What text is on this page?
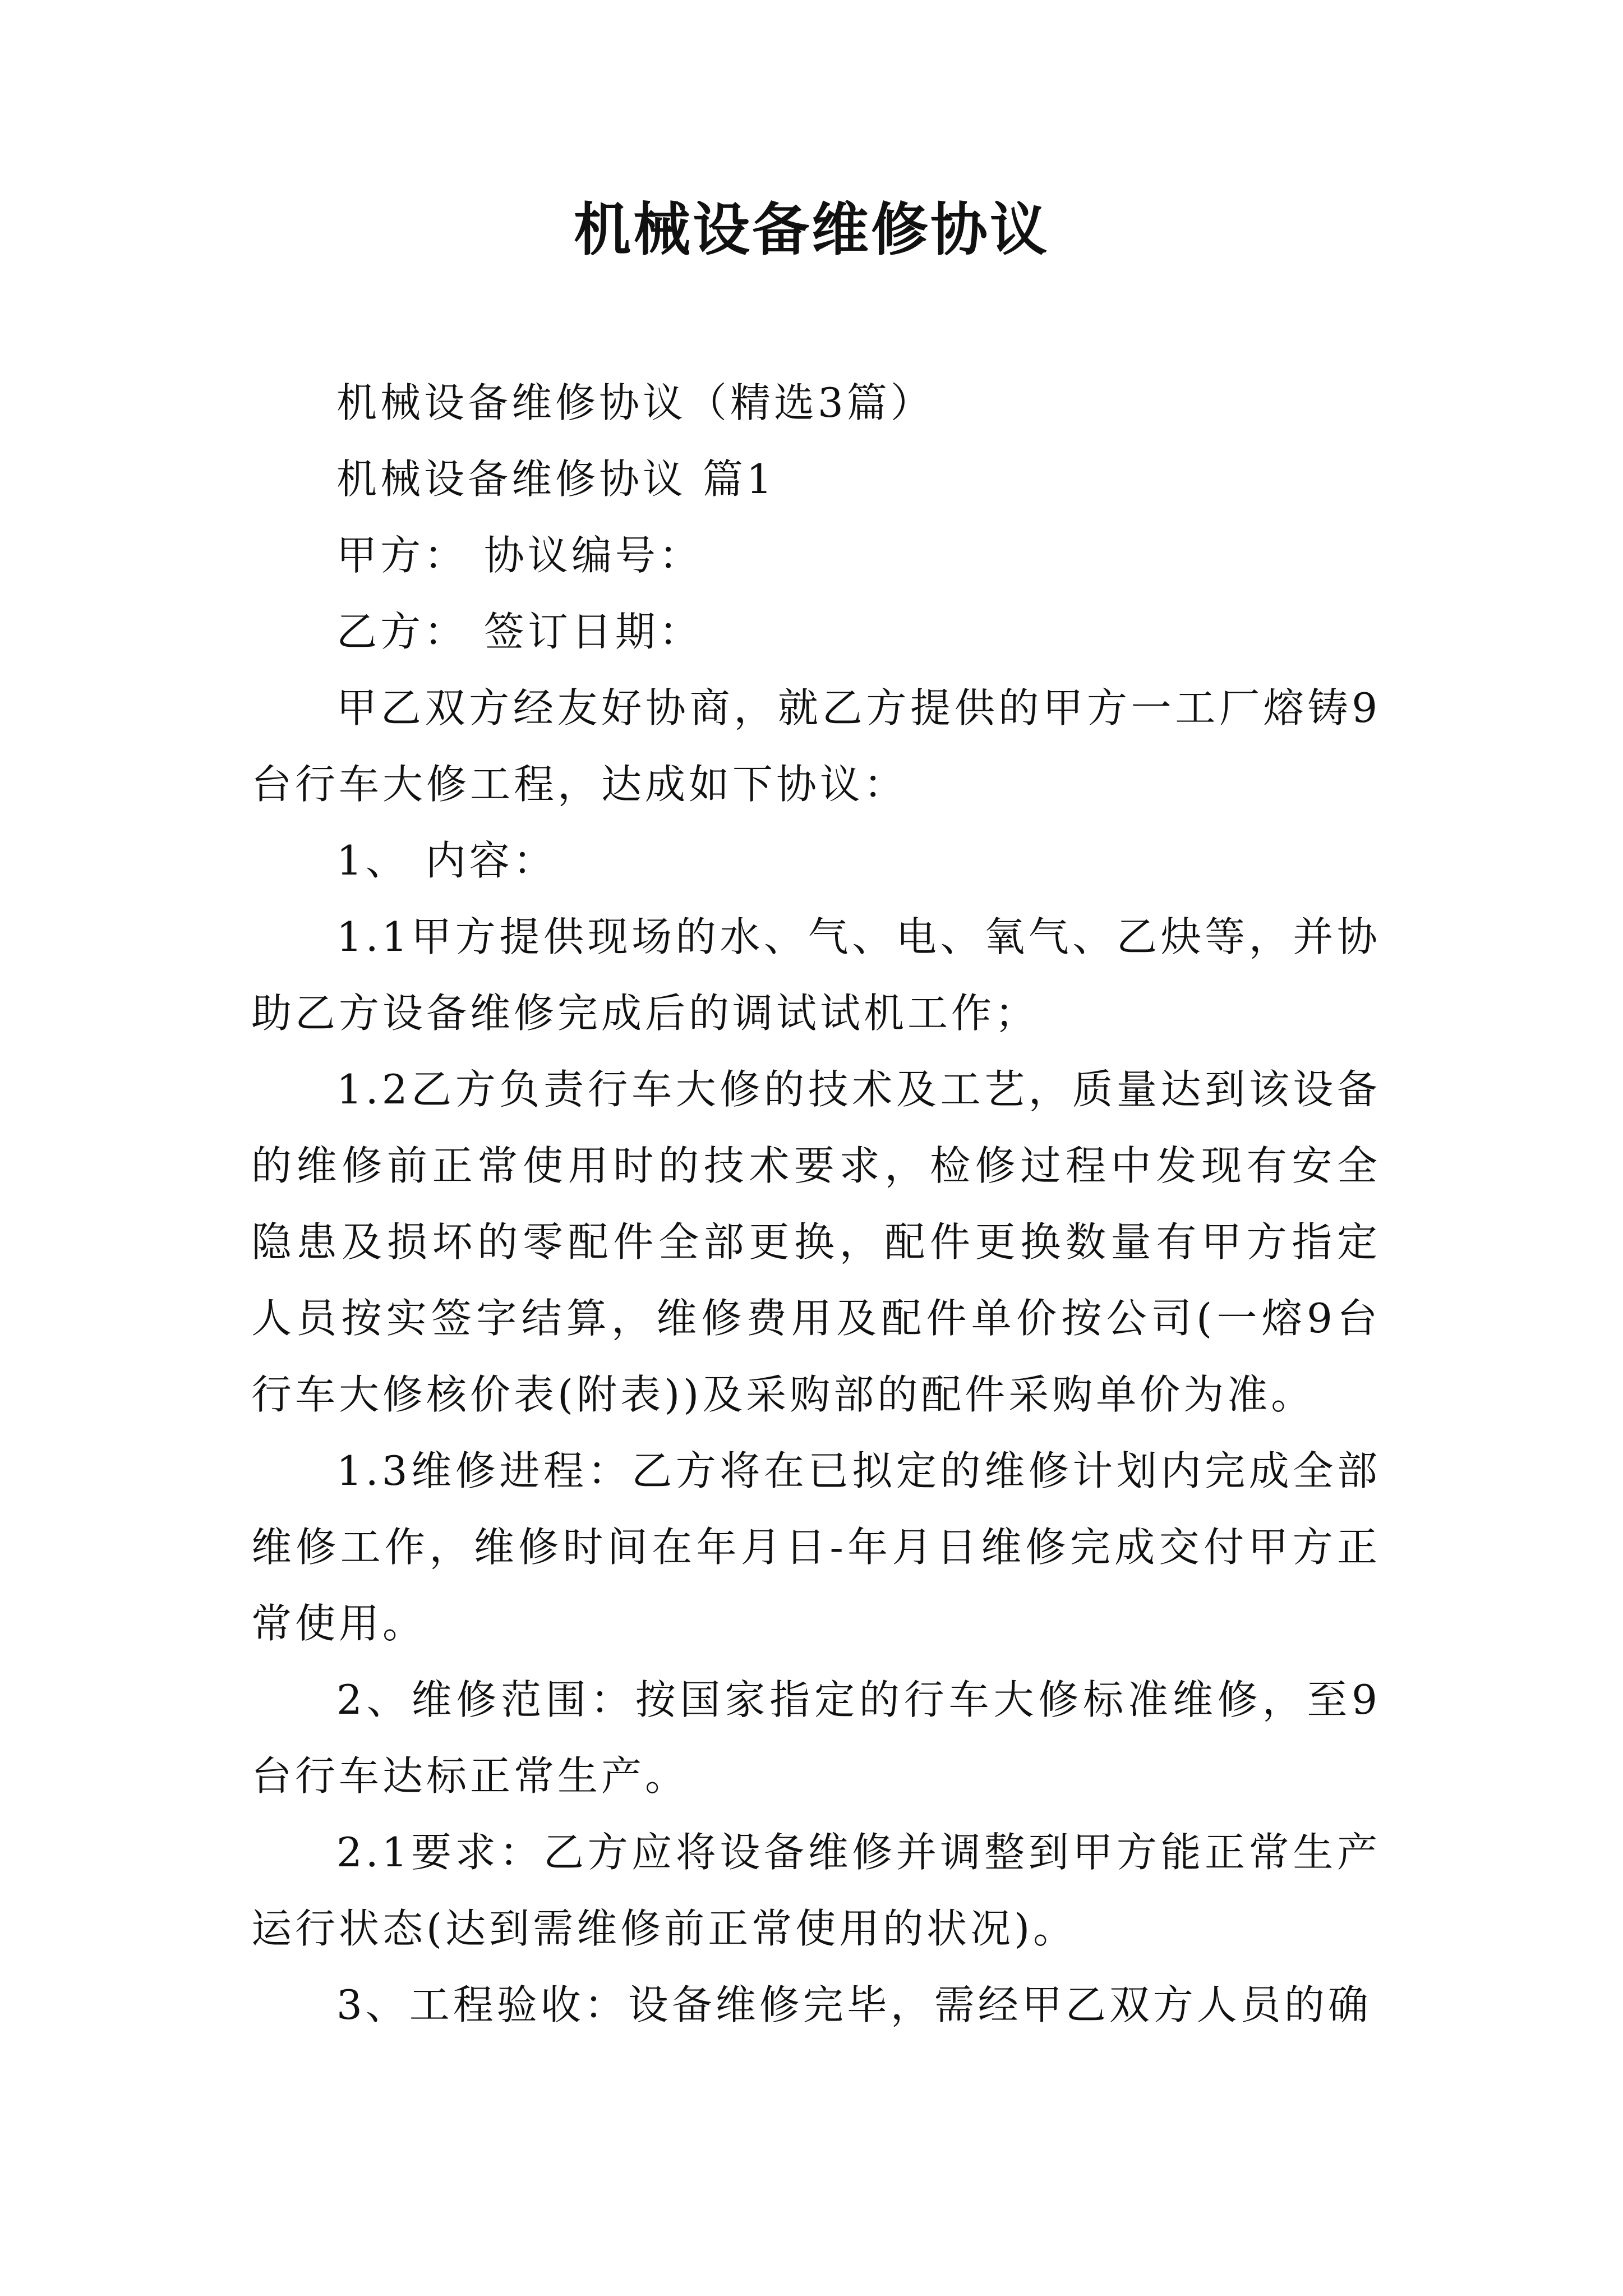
机械设备维修协议

机械设备维修协议（精选3篇）

机械设备维修协议 篇1

甲方： 协议编号：

乙方： 签订日期：

甲乙双方经友好协商，就乙方提供的甲方一工厂熔铸9台行车大修工程，达成如下协议：

1、 内容：

1.1甲方提供现场的水、气、电、氧气、乙炔等，并协助乙方设备维修完成后的调试试机工作；

1.2乙方负责行车大修的技术及工艺，质量达到该设备的维修前正常使用时的技术要求，检修过程中发现有安全隐患及损坏的零配件全部更换，配件更换数量有甲方指定人员按实签字结算，维修费用及配件单价按公司(一熔9台行车大修核价表(附表))及采购部的配件采购单价为准。

1.3维修进程：乙方将在已拟定的维修计划内完成全部维修工作，维修时间在年月日-年月日维修完成交付甲方正常使用。

2、维修范围：按国家指定的行车大修标准维修，至9台行车达标正常生产。

2.1要求：乙方应将设备维修并调整到甲方能正常生产运行状态(达到需维修前正常使用的状况)。

3、工程验收：设备维修完毕，需经甲乙双方人员的确
